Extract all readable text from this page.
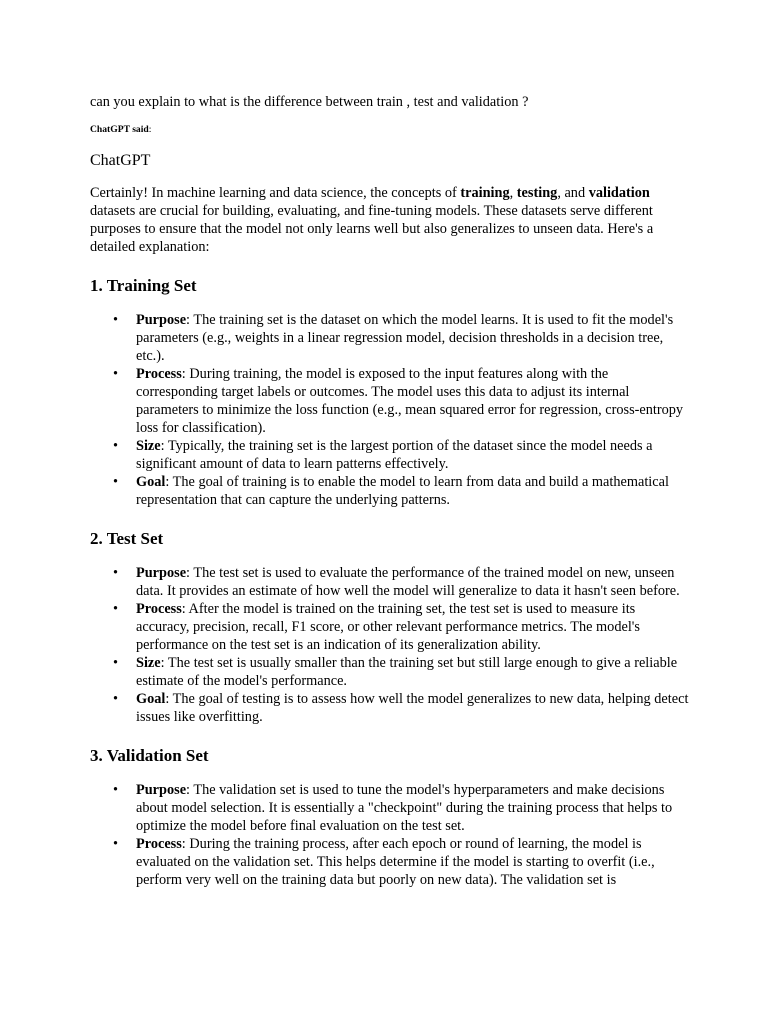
can you explain to what is the difference between train , test and validation ?

ChatGPT said:

ChatGPT

Certainly! In machine learning and data science, the concepts of training, testing, and validation datasets are crucial for building, evaluating, and fine-tuning models. These datasets serve different purposes to ensure that the model not only learns well but also generalizes to unseen data. Here's a detailed explanation:

1. Training Set
• Purpose: The training set is the dataset on which the model learns. It is used to fit the model's parameters (e.g., weights in a linear regression model, decision thresholds in a decision tree, etc.).
• Process: During training, the model is exposed to the input features along with the corresponding target labels or outcomes. The model uses this data to adjust its internal parameters to minimize the loss function (e.g., mean squared error for regression, cross-entropy loss for classification).
• Size: Typically, the training set is the largest portion of the dataset since the model needs a significant amount of data to learn patterns effectively.
• Goal: The goal of training is to enable the model to learn from data and build a mathematical representation that can capture the underlying patterns.
2. Test Set
• Purpose: The test set is used to evaluate the performance of the trained model on new, unseen data. It provides an estimate of how well the model will generalize to data it hasn't seen before.
• Process: After the model is trained on the training set, the test set is used to measure its accuracy, precision, recall, F1 score, or other relevant performance metrics. The model's performance on the test set is an indication of its generalization ability.
• Size: The test set is usually smaller than the training set but still large enough to give a reliable estimate of the model's performance.
• Goal: The goal of testing is to assess how well the model generalizes to new data, helping detect issues like overfitting.
3. Validation Set
• Purpose: The validation set is used to tune the model's hyperparameters and make decisions about model selection. It is essentially a "checkpoint" during the training process that helps to optimize the model before final evaluation on the test set.
• Process: During the training process, after each epoch or round of learning, the model is evaluated on the validation set. This helps determine if the model is starting to overfit (i.e., perform very well on the training data but poorly on new data). The validation set is
